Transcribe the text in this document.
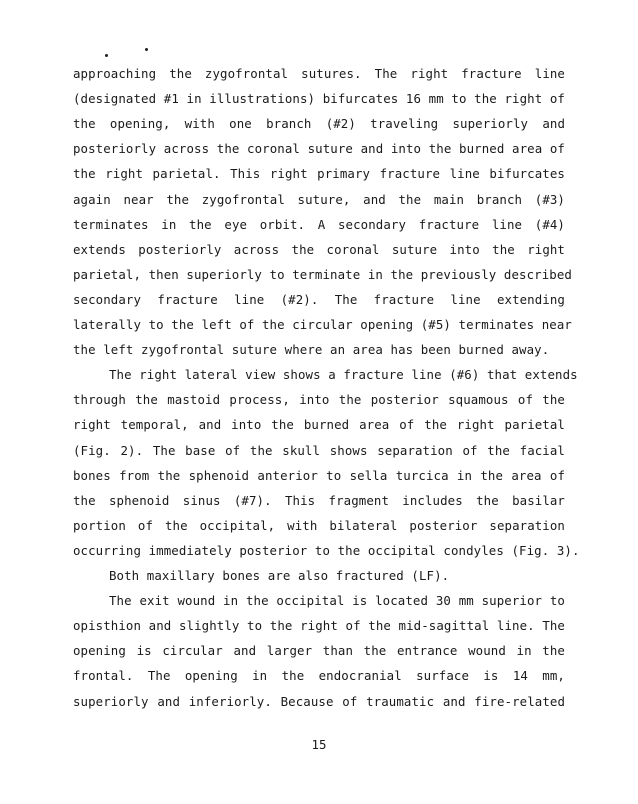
approaching the zygofrontal sutures. The right fracture line
(designated #1 in illustrations) bifurcates 16 mm to the right of
the opening, with one branch (#2) traveling superiorly and
posteriorly across the coronal suture and into the burned area of
the right parietal. This right primary fracture line bifurcates
again near the zygofrontal suture, and the main branch (#3)
terminates in the eye orbit. A secondary fracture line (#4)
extends posteriorly across the coronal suture into the right
parietal, then superiorly to terminate in the previously described
secondary fracture line (#2). The fracture line extending
laterally to the left of the circular opening (#5) terminates near
the left zygofrontal suture where an area has been burned away.
The right lateral view shows a fracture line (#6) that extends
through the mastoid process, into the posterior squamous of the
right temporal, and into the burned area of the right parietal
(Fig. 2). The base of the skull shows separation of the facial
bones from the sphenoid anterior to sella turcica in the area of
the sphenoid sinus (#7). This fragment includes the basilar
portion of the occipital, with bilateral posterior separation
occurring immediately posterior to the occipital condyles (Fig. 3).
Both maxillary bones are also fractured (LF).
The exit wound in the occipital is located 30 mm superior to
opisthion and slightly to the right of the mid-sagittal line. The
opening is circular and larger than the entrance wound in the
frontal. The opening in the endocranial surface is 14 mm,
superiorly and inferiorly. Because of traumatic and fire-related
15
